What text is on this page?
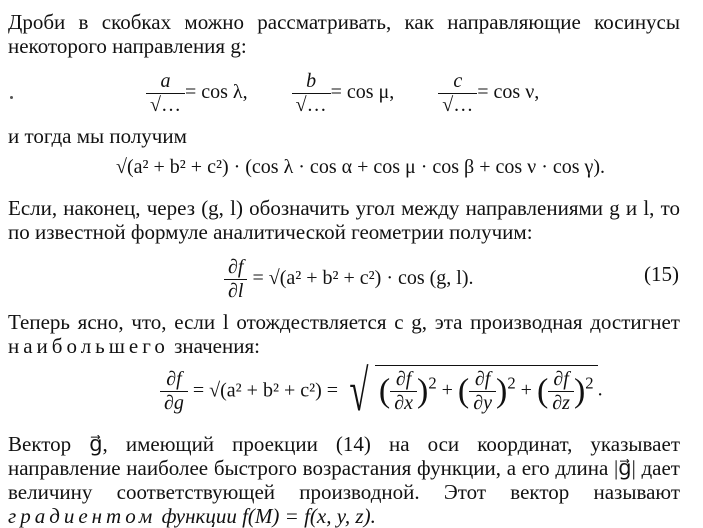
Дроби в скобках можно рассматривать, как направляющие косинусы некоторого направления g:
$\frac{a}{√\dots} = \cos \lambda$, $\frac{b}{√\dots} = \cos \mu$, $\frac{c}{√\dots} = \cos \nu$,
и тогда мы получим
√(a² + b² + c²) · (cos λ · cos α + cos μ · cos β + cos ν · cos γ).
Если, наконец, через (g, l) обозначить угол между направлениями g и l, то по известной формуле аналитической геометрии получим:
$\frac{\partial f}{\partial l} = √(a^2 + b^2 + c^2) \cdot \cos (g$, l).	(15)
Теперь ясно, что, если l отождествляется с g, эта производная достигнет наибольшего значения:
$\frac{\partial f}{\partial g} = √(a^2 + b^2 + c^2)$ = √ ( $\frac{\partial f}{\partial x} )^2$ + ( $\frac{\partial f}{\partial y} )^2$ + ( $\frac{\partial f}{\partial z} )^2$ .
Вектор g⃗, имеющий проекции (14) на оси координат, указывает направление наиболее быстрого возрастания функции, а его длина |g⃗| дает величину соответствующей производной. Этот вектор называют градиентом функции f(M) = f(x, y, z).
